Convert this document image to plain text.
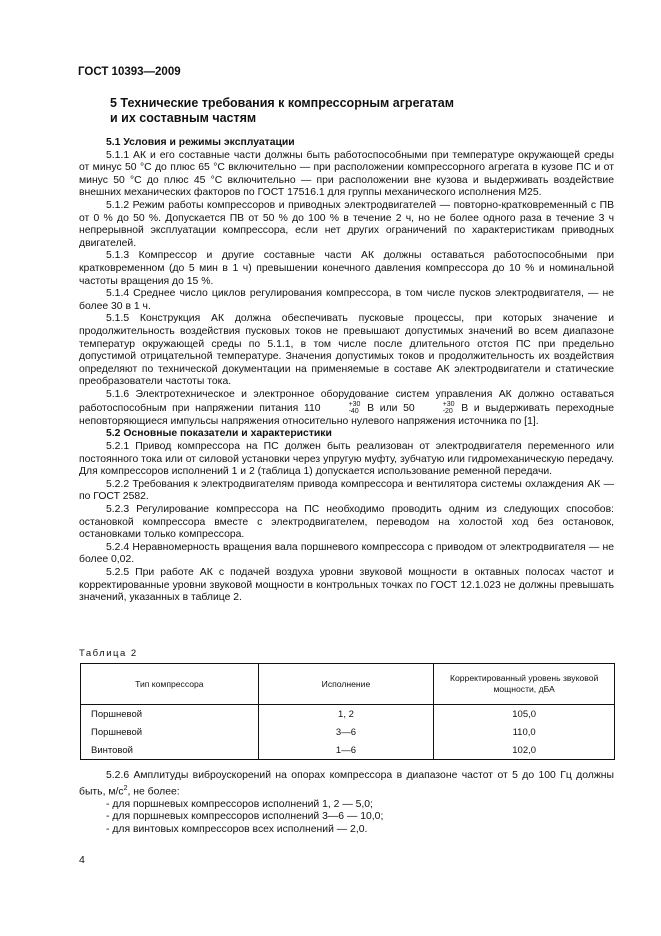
ГОСТ 10393—2009
5 Технические требования к компрессорным агрегатам
и их составным частям

5.1 Условия и режимы эксплуатации

5.1.1 АК и его составные части должны быть работоспособными при температуре окружающей среды от минус 50 °С до плюс 65 °С включительно — при расположении компрессорного агрегата в кузове ПС и от минус 50 °С до плюс 45 °С включительно — при расположении вне кузова и выдерживать воздействие внешних механических факторов по ГОСТ 17516.1 для группы механического исполнения М25.

5.1.2 Режим работы компрессоров и приводных электродвигателей — повторно-кратковременный с ПВ от 0 % до 50 %. Допускается ПВ от 50 % до 100 % в течение 2 ч, но не более одного раза в течение 3 ч непрерывной эксплуатации компрессора, если нет других ограничений по характеристикам приводных двигателей.

5.1.3 Компрессор и другие составные части АК должны оставаться работоспособными при кратковременном (до 5 мин в 1 ч) превышении конечного давления компрессора до 10 % и номинальной частоты вращения до 15 %.

5.1.4 Среднее число циклов регулирования компрессора, в том числе пусков электродвигателя, — не более 30 в 1 ч.

5.1.5 Конструкция АК должна обеспечивать пусковые процессы, при которых значение и продолжительность воздействия пусковых токов не превышают допустимых значений во всем диапазоне температур окружающей среды по 5.1.1, в том числе после длительного отстоя ПС при предельно допустимой отрицательной температуре. Значения допустимых токов и продолжительность их воздействия определяют по технической документации на применяемые в составе АК электродвигатели и статические преобразователи частоты тока.

5.1.6 Электротехническое и электронное оборудование систем управления АК должно оставаться работоспособным при напряжении питания 110	+30
-40 В или 50	+30
-20 В и выдерживать переходные неповторяющиеся импульсы напряжения относительно нулевого напряжения источника по [1].

5.2 Основные показатели и характеристики

5.2.1 Привод компрессора на ПС должен быть реализован от электродвигателя переменного или постоянного тока или от силовой установки через упругую муфту, зубчатую или гидромеханическую передачу. Для компрессоров исполнений 1 и 2 (таблица 1) допускается использование ременной передачи.

5.2.2 Требования к электродвигателям привода компрессора и вентилятора системы охлаждения АК — по ГОСТ 2582.

5.2.3 Регулирование компрессора на ПС необходимо проводить одним из следующих способов: остановкой компрессора вместе с электродвигателем, переводом на холостой ход без остановок, остановками только компрессора.

5.2.4 Неравномерность вращения вала поршневого компрессора с приводом от электродвигателя — не более 0,02.

5.2.5 При работе АК с подачей воздуха уровни звуковой мощности в октавных полосах частот и корректированные уровни звуковой мощности в контрольных точках по ГОСТ 12.1.023 не должны превышать значений, указанных в таблице 2.

Таблица 2
Тип компрессора	Исполнение	Корректированный уровень звуковой мощности, дБА
Поршневой	1, 2	105,0
Поршневой	3—6	110,0
Винтовой	1—6	102,0

5.2.6 Амплитуды виброускорений на опорах компрессора в диапазоне частот от 5 до 100 Гц должны быть, $м/с^2$, не более:

- для поршневых компрессоров исполнений 1, 2 — 5,0;

- для поршневых компрессоров исполнений 3—6 — 10,0;

- для винтовых компрессоров всех исполнений — 2,0.

4
